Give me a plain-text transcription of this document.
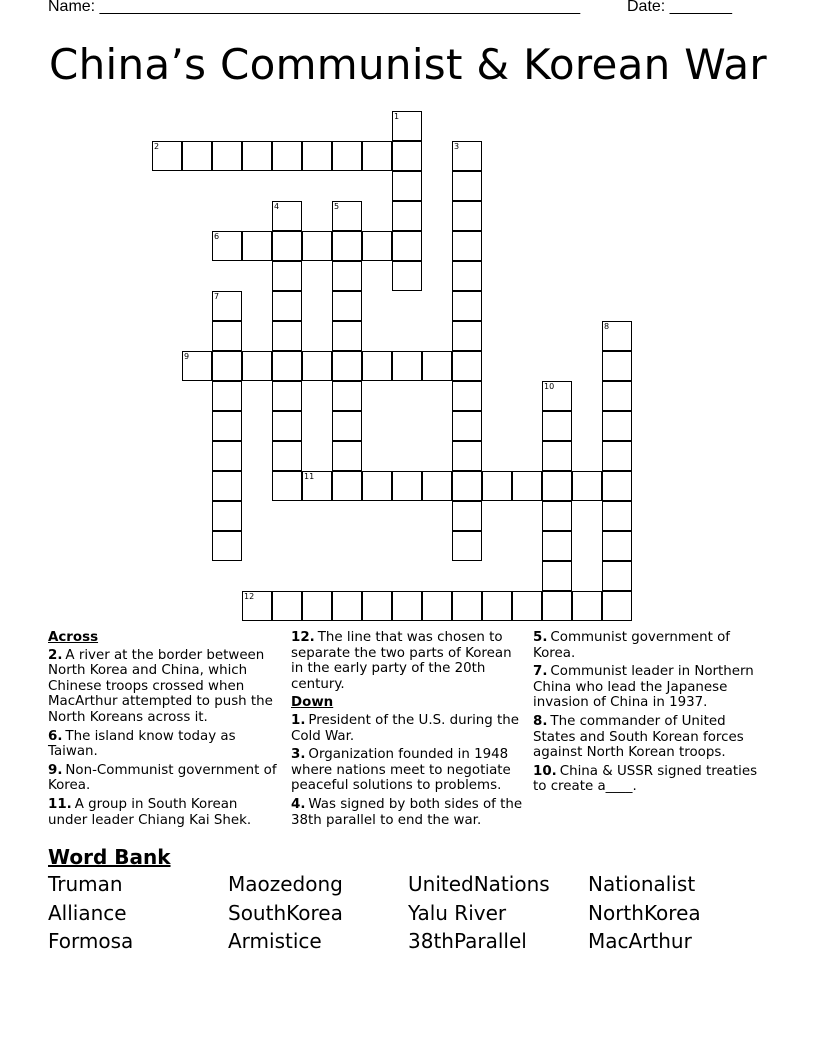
Name: ______________________________________________________	Date: _______
China’s Communist & Korean War
1
2	3
4	5
6
7
8
9
10
11
12
Across
2. A river at the border between North Korea and China, which Chinese troops crossed when MacArthur attempted to push the North Koreans across it.
6. The island know today as Taiwan.
9. Non-Communist government of Korea.
11. A group in South Korean under leader Chiang Kai Shek.
12. The line that was chosen to separate the two parts of Korean in the early party of the 20th century.
Down
1. President of the U.S. during the Cold War.
3. Organization founded in 1948 where nations meet to negotiate peaceful solutions to problems.
4. Was signed by both sides of the 38th parallel to end the war.
5. Communist government of Korea.
7. Communist leader in Northern China who lead the Japanese invasion of China in 1937.
8. The commander of United States and South Korean forces against North Korean troops.
10. China & USSR signed treaties to create a____.
Word Bank
Truman	Maozedong	UnitedNations	Nationalist
Alliance	SouthKorea	Yalu River	NorthKorea
Formosa	Armistice	38thParallel	MacArthur
